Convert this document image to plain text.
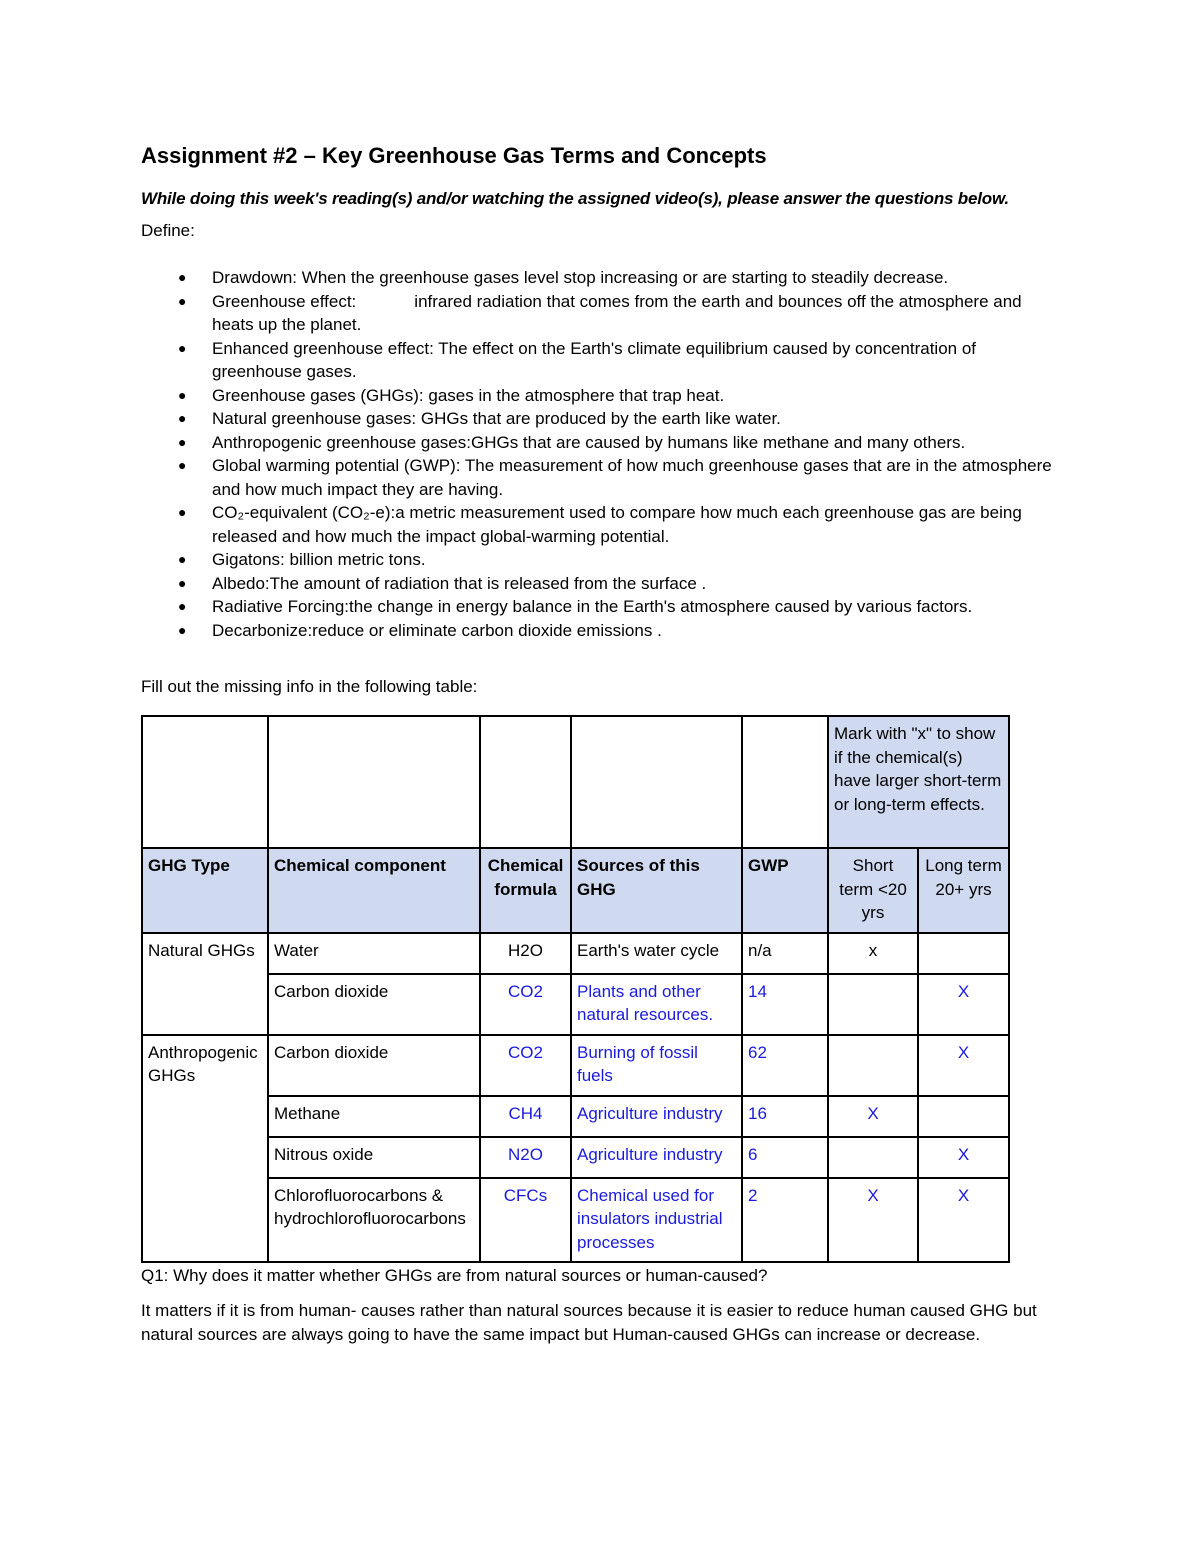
Assignment #2 – Key Greenhouse Gas Terms and Concepts

While doing this week's reading(s) and/or watching the assigned video(s), please answer the questions below.

Define:

● Drawdown: When the greenhouse gases level stop increasing or are starting to steadily decrease.
● Greenhouse effect:	infrared radiation that comes from the earth and bounces off the atmosphere and heats up the planet.
● Enhanced greenhouse effect: The effect on the Earth's climate equilibrium caused by concentration of greenhouse gases.
● Greenhouse gases (GHGs): gases in the atmosphere that trap heat.
● Natural greenhouse gases: GHGs that are produced by the earth like water.
● Anthropogenic greenhouse gases:GHGs that are caused by humans like methane and many others.
● Global warming potential (GWP): The measurement of how much greenhouse gases that are in the atmosphere and how much impact they are having.
● CO₂-equivalent (CO₂-e):a metric measurement used to compare how much each greenhouse gas are being released and how much the impact global-warming potential.
● Gigatons: billion metric tons.
● Albedo:The amount of radiation that is released from the surface .
● Radiative Forcing:the change in energy balance in the Earth's atmosphere caused by various factors.
● Decarbonize:reduce or eliminate carbon dioxide emissions .

Fill out the missing info in the following table:

					Mark with "x" to show if the chemical(s) have larger short-term or long-term effects.	
GHG Type	Chemical component	Chemical formula	Sources of this GHG	GWP	Short term <20 yrs	Long term 20+ yrs
Natural GHGs	Water	H2O	Earth's water cycle	n/a	x	
	Carbon dioxide	CO2	Plants and other natural resources.	14		X
Anthropogenic GHGs	Carbon dioxide	CO2	Burning of fossil fuels	62		X
	Methane	CH4	Agriculture industry	16	X	
	Nitrous oxide	N2O	Agriculture industry	6		X
	Chlorofluorocarbons & hydrochlorofluorocarbons	CFCs	Chemical used for insulators industrial processes	2	X	X

Q1: Why does it matter whether GHGs are from natural sources or human-caused?

It matters if it is from human- causes rather than natural sources because it is easier to reduce human caused GHG but natural sources are always going to have the same impact but Human-caused GHGs can increase or decrease.
